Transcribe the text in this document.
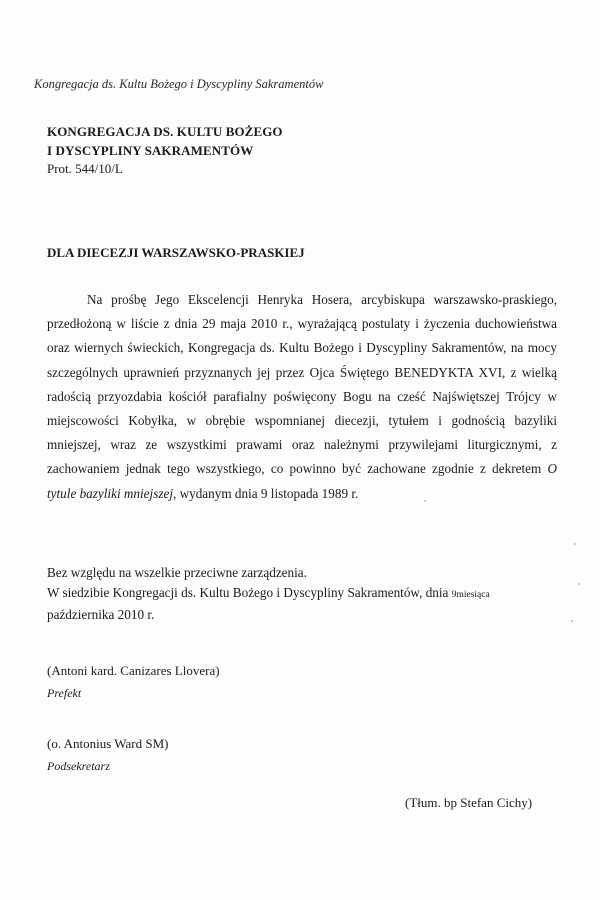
Kongregacja ds. Kultu Bożego i Dyscypliny Sakramentów
KONGREGACJA DS. KULTU BOŻEGO
I DYSCYPLINY SAKRAMENTÓW
Prot. 544/10/L
DLA DIECEZJI WARSZAWSKO-PRASKIEJ
Na prośbę Jego Ekscelencji Henryka Hosera, arcybiskupa warszawsko-praskiego, przedłożoną w liście z dnia 29 maja 2010 r., wyrażającą postulaty i życzenia duchowieństwa oraz wiernych świeckich, Kongregacja ds. Kultu Bożego i Dyscypliny Sakramentów, na mocy szczególnych uprawnień przyznanych jej przez Ojca Świętego BENEDYKTA XVI, z wielką radością przyozdabia kościół parafialny poświęcony Bogu na cześć Najświętszej Trójcy w miejscowości Kobyłka, w obrębie wspomnianej diecezji, tytułem i godnością bazyliki mniejszej, wraz ze wszystkimi prawami oraz należnymi przywilejami liturgicznymi, z zachowaniem jednak tego wszystkiego, co powinno być zachowane zgodnie z dekretem O tytule bazyliki mniejszej, wydanym dnia 9 listopada 1989 r.
Bez względu na wszelkie przeciwne zarządzenia.
W siedzibie Kongregacji ds. Kultu Bożego i Dyscypliny Sakramentów, dnia 9miesiąca
października 2010 r.
(Antoni kard. Canizares Llovera)
Prefekt
(o. Antonius Ward SM)
Podsekretarz
(Tłum. bp Stefan Cichy)
